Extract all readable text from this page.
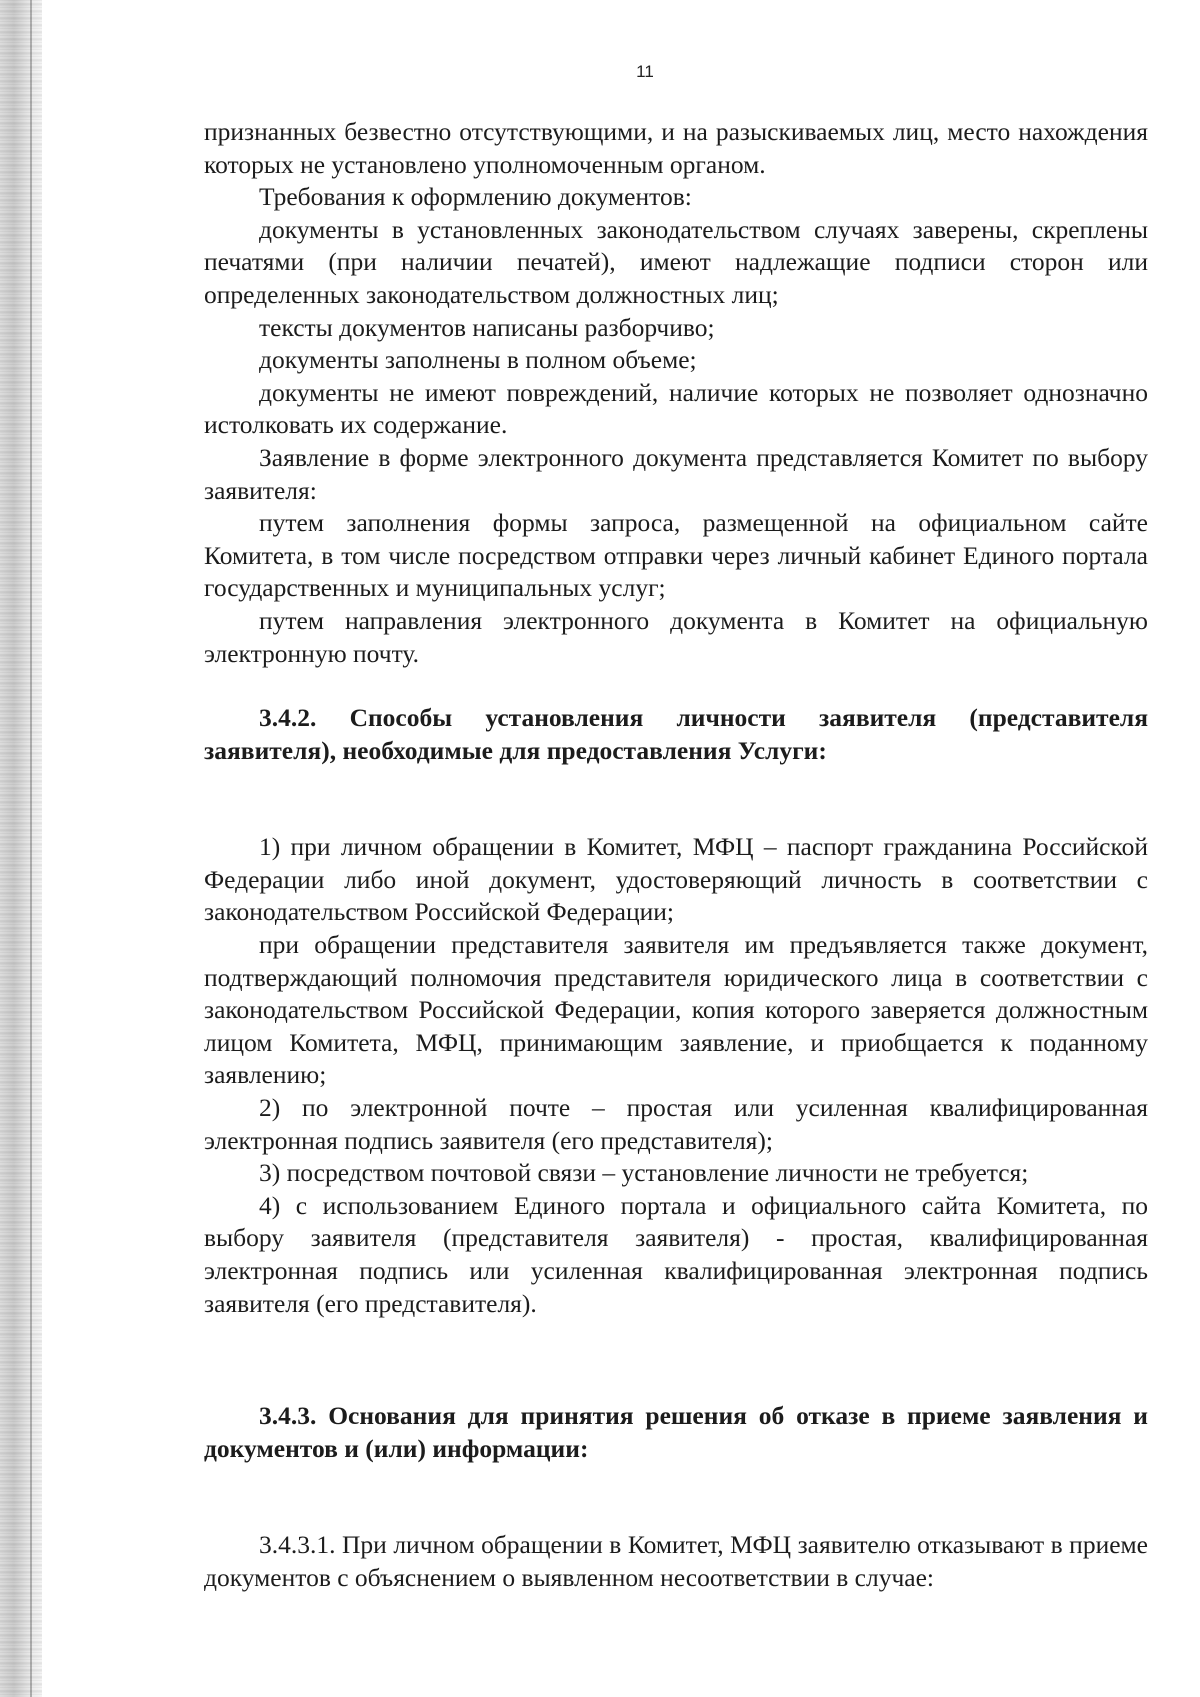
11

признанных безвестно отсутствующими, и на разыскиваемых лиц, место нахождения которых не установлено уполномоченным органом.

Требования к оформлению документов:

документы в установленных законодательством случаях заверены, скреплены печатями (при наличии печатей), имеют надлежащие подписи сторон или определенных законодательством должностных лиц;

тексты документов написаны разборчиво;

документы заполнены в полном объеме;

документы не имеют повреждений, наличие которых не позволяет однозначно истолковать их содержание.

Заявление в форме электронного документа представляется Комитет по выбору заявителя:

путем заполнения формы запроса, размещенной на официальном сайте Комитета, в том числе посредством отправки через личный кабинет Единого портала государственных и муниципальных услуг;

путем направления электронного документа в Комитет на официальную электронную почту.

3.4.2. Способы установления личности заявителя (представителя заявителя), необходимые для предоставления Услуги:

1) при личном обращении в Комитет, МФЦ – паспорт гражданина Российской Федерации либо иной документ, удостоверяющий личность в соответствии с законодательством Российской Федерации;

при обращении представителя заявителя им предъявляется также документ, подтверждающий полномочия представителя юридического лица в соответствии с законодательством Российской Федерации, копия которого заверяется должностным лицом Комитета, МФЦ, принимающим заявление, и приобщается к поданному заявлению;

2) по электронной почте – простая или усиленная квалифицированная электронная подпись заявителя (его представителя);

3) посредством почтовой связи – установление личности не требуется;

4) с использованием Единого портала и официального сайта Комитета, по выбору заявителя (представителя заявителя) - простая, квалифицированная электронная подпись или усиленная квалифицированная электронная подпись заявителя (его представителя).

3.4.3. Основания для принятия решения об отказе в приеме заявления и документов и (или) информации:

3.4.3.1. При личном обращении в Комитет, МФЦ заявителю отказывают в приеме документов с объяснением о выявленном несоответствии в случае:
